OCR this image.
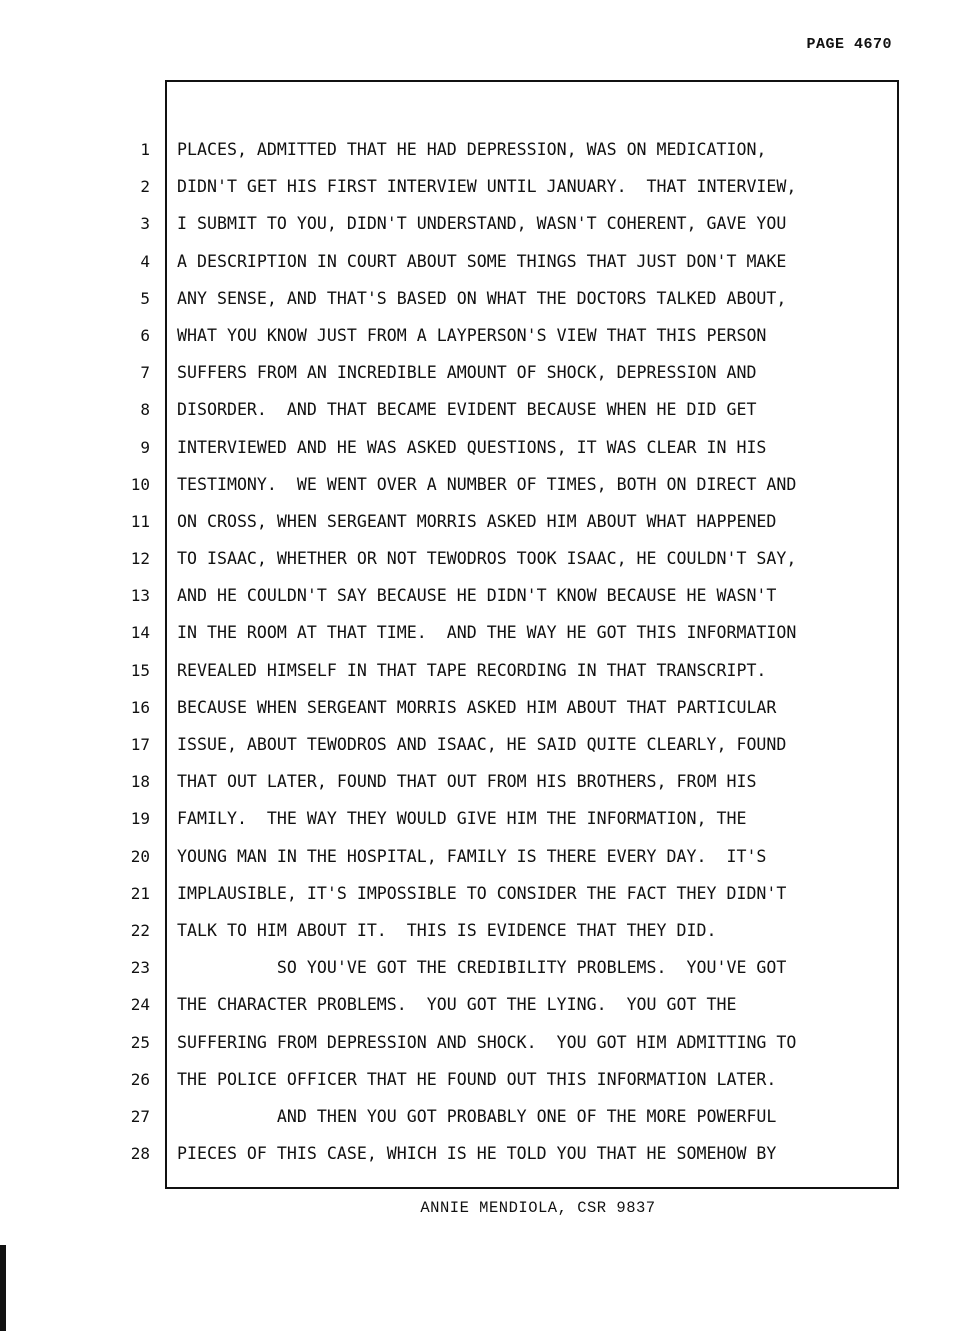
PAGE 4670
1
2
3
4
5
6
7
8
9
10
11
12
13
14
15
16
17
18
19
20
21
22
23
24
25
26
27
28
PLACES, ADMITTED THAT HE HAD DEPRESSION, WAS ON MEDICATION,
DIDN'T GET HIS FIRST INTERVIEW UNTIL JANUARY.  THAT INTERVIEW,
I SUBMIT TO YOU, DIDN'T UNDERSTAND, WASN'T COHERENT, GAVE YOU
A DESCRIPTION IN COURT ABOUT SOME THINGS THAT JUST DON'T MAKE
ANY SENSE, AND THAT'S BASED ON WHAT THE DOCTORS TALKED ABOUT,
WHAT YOU KNOW JUST FROM A LAYPERSON'S VIEW THAT THIS PERSON
SUFFERS FROM AN INCREDIBLE AMOUNT OF SHOCK, DEPRESSION AND
DISORDER.  AND THAT BECAME EVIDENT BECAUSE WHEN HE DID GET
INTERVIEWED AND HE WAS ASKED QUESTIONS, IT WAS CLEAR IN HIS
TESTIMONY.  WE WENT OVER A NUMBER OF TIMES, BOTH ON DIRECT AND
ON CROSS, WHEN SERGEANT MORRIS ASKED HIM ABOUT WHAT HAPPENED
TO ISAAC, WHETHER OR NOT TEWODROS TOOK ISAAC, HE COULDN'T SAY,
AND HE COULDN'T SAY BECAUSE HE DIDN'T KNOW BECAUSE HE WASN'T
IN THE ROOM AT THAT TIME.  AND THE WAY HE GOT THIS INFORMATION
REVEALED HIMSELF IN THAT TAPE RECORDING IN THAT TRANSCRIPT.
BECAUSE WHEN SERGEANT MORRIS ASKED HIM ABOUT THAT PARTICULAR
ISSUE, ABOUT TEWODROS AND ISAAC, HE SAID QUITE CLEARLY, FOUND
THAT OUT LATER, FOUND THAT OUT FROM HIS BROTHERS, FROM HIS
FAMILY.  THE WAY THEY WOULD GIVE HIM THE INFORMATION, THE
YOUNG MAN IN THE HOSPITAL, FAMILY IS THERE EVERY DAY.  IT'S
IMPLAUSIBLE, IT'S IMPOSSIBLE TO CONSIDER THE FACT THEY DIDN'T
TALK TO HIM ABOUT IT.  THIS IS EVIDENCE THAT THEY DID.
SO YOU'VE GOT THE CREDIBILITY PROBLEMS.  YOU'VE GOT
THE CHARACTER PROBLEMS.  YOU GOT THE LYING.  YOU GOT THE
SUFFERING FROM DEPRESSION AND SHOCK.  YOU GOT HIM ADMITTING TO
THE POLICE OFFICER THAT HE FOUND OUT THIS INFORMATION LATER.
AND THEN YOU GOT PROBABLY ONE OF THE MORE POWERFUL
PIECES OF THIS CASE, WHICH IS HE TOLD YOU THAT HE SOMEHOW BY
ANNIE MENDIOLA, CSR 9837
